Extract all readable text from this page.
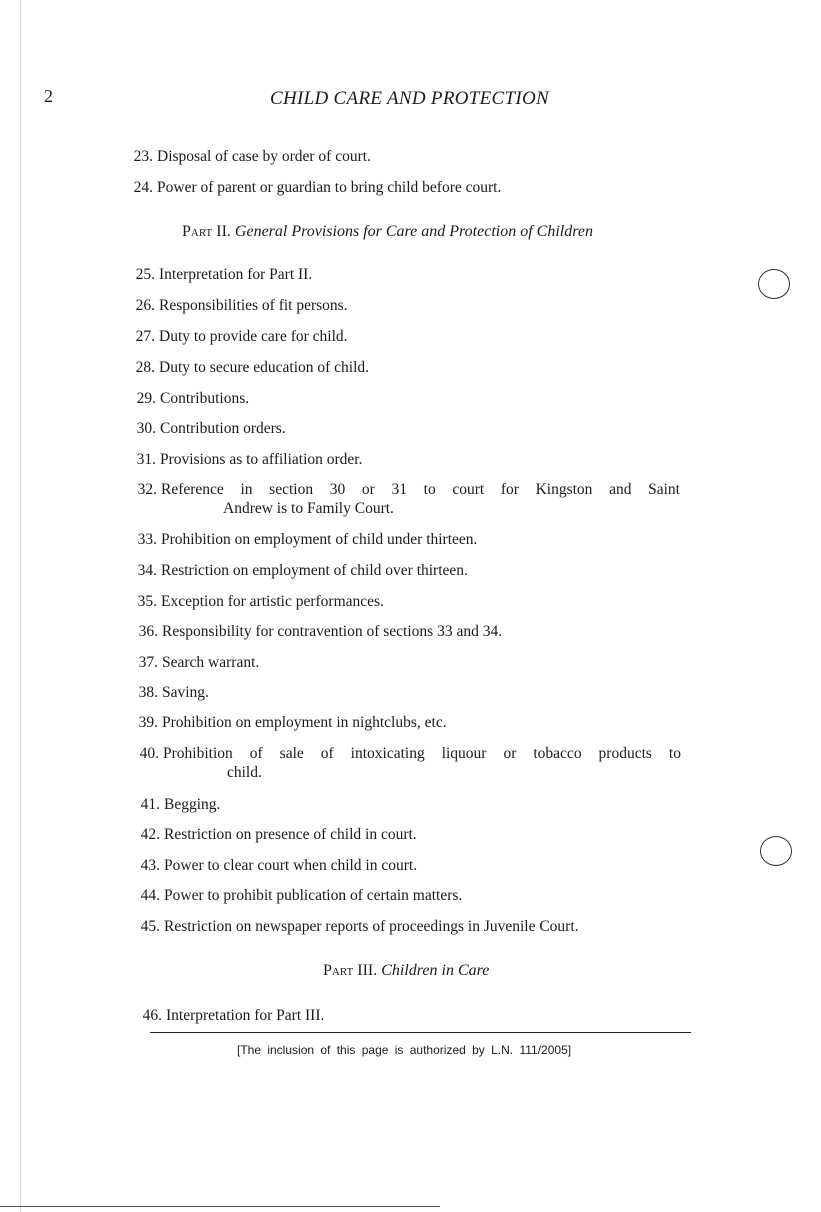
2	CHILD CARE AND PROTECTION

23. Disposal of case by order of court.
24. Power of parent or guardian to bring child before court.
Part II. General Provisions for Care and Protection of Children
25. Interpretation for Part II.
26. Responsibilities of fit persons.
27. Duty to provide care for child.
28. Duty to secure education of child.
29. Contributions.
30. Contribution orders.
31. Provisions as to affiliation order.
32. Reference in section 30 or 31 to court for Kingston and Saint
Andrew is to Family Court.
33. Prohibition on employment of child under thirteen.
34. Restriction on employment of child over thirteen.
35. Exception for artistic performances.
36. Responsibility for contravention of sections 33 and 34.
37. Search warrant.
38. Saving.
39. Prohibition on employment in nightclubs, etc.
40. Prohibition of sale of intoxicating liquour or tobacco products to
child.
41. Begging.
42. Restriction on presence of child in court.
43. Power to clear court when child in court.
44. Power to prohibit publication of certain matters.
45. Restriction on newspaper reports of proceedings in Juvenile Court.
Part III. Children in Care
46. Interpretation for Part III.

[The inclusion of this page is authorized by L.N. 111/2005]
